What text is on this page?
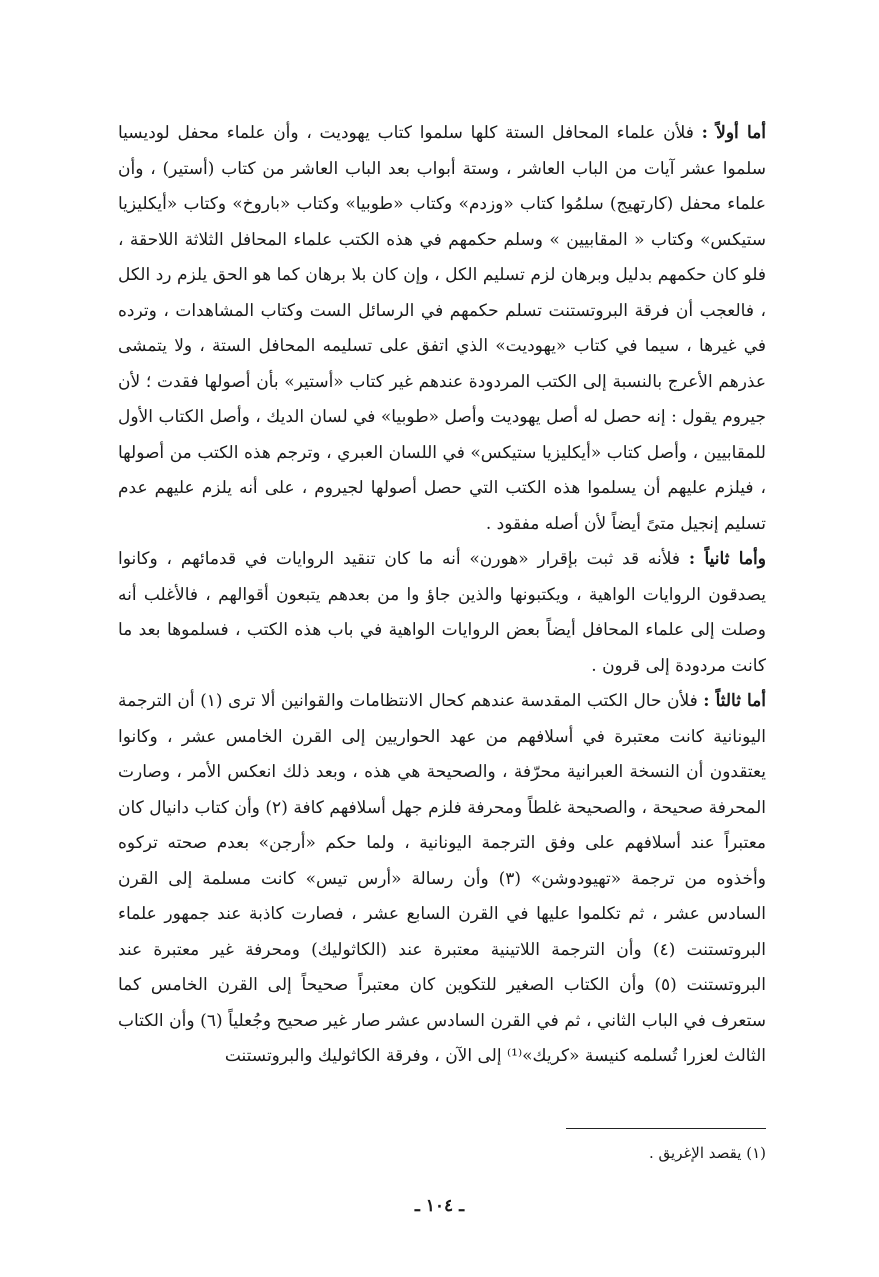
أما أولاً : فلأن علماء المحافل الستة كلها سلموا كتاب يهوديت ، وأن علماء محفل لوديسيا سلموا عشر آيات من الباب العاشر ، وستة أبواب بعد الباب العاشر من كتاب (أستير) ، وأن علماء محفل (كارتهيج) سلمُوا كتاب «وزدم» وكتاب «طوبيا» وكتاب «باروخ» وكتاب «أيكليزيا ستيكس» وكتاب « المقابيين » وسلم حكمهم في هذه الكتب علماء المحافل الثلاثة اللاحقة ، فلو كان حكمهم بدليل وبرهان لزم تسليم الكل ، وإن كان بلا برهان كما هو الحق يلزم رد الكل ، فالعجب أن فرقة البروتستنت تسلم حكمهم في الرسائل الست وكتاب المشاهدات ، وترده في غيرها ، سيما في كتاب «يهوديت» الذي اتفق على تسليمه المحافل الستة ، ولا يتمشى عذرهم الأعرج بالنسبة إلى الكتب المردودة عندهم غير كتاب «أستير» بأن أصولها فقدت ؛ لأن جيروم يقول : إنه حصل له أصل يهوديت وأصل «طوبيا» في لسان الديك ، وأصل الكتاب الأول للمقابيين ، وأصل كتاب «أيكليزيا ستيكس» في اللسان العبري ، وترجم هذه الكتب من أصولها ، فيلزم عليهم أن يسلموا هذه الكتب التي حصل أصولها لجيروم ، على أنه يلزم عليهم عدم تسليم إنجيل متىً أيضاً لأن أصله مفقود .

وأما ثانياً : فلأنه قد ثبت بإقرار «هورن» أنه ما كان تنقيد الروايات في قدمائهم ، وكانوا يصدقون الروايات الواهية ، ويكتبونها والذين جاؤ وا من بعدهم يتبعون أقوالهم ، فالأغلب أنه وصلت إلى علماء المحافل أيضاً بعض الروايات الواهية في باب هذه الكتب ، فسلموها بعد ما كانت مردودة إلى قرون .

أما ثالثاً : فلأن حال الكتب المقدسة عندهم كحال الانتظامات والقوانين ألا ترى (١) أن الترجمة اليونانية كانت معتبرة في أسلافهم من عهد الحواريين إلى القرن الخامس عشر ، وكانوا يعتقدون أن النسخة العبرانية محرّفة ، والصحيحة هي هذه ، وبعد ذلك انعكس الأمر ، وصارت المحرفة صحيحة ، والصحيحة غلطاً ومحرفة فلزم جهل أسلافهم كافة (٢) وأن كتاب دانيال كان معتبراً عند أسلافهم على وفق الترجمة اليونانية ، ولما حكم «أرجن» بعدم صحته تركوه وأخذوه من ترجمة «تهيودوشن» (٣) وأن رسالة «أرس تيس» كانت مسلمة إلى القرن السادس عشر ، ثم تكلموا عليها في القرن السابع عشر ، فصارت كاذبة عند جمهور علماء البروتستنت (٤) وأن الترجمة اللاتينية معتبرة عند (الكاثوليك) ومحرفة غير معتبرة عند البروتستنت (٥) وأن الكتاب الصغير للتكوين كان معتبراً صحيحاً إلى القرن الخامس كما ستعرف في الباب الثاني ، ثم في القرن السادس عشر صار غير صحيح وجُعلياً (٦) وأن الكتاب الثالث لعزرا تُسلمه كنيسة «كريك»⁽¹⁾ إلى الآن ، وفرقة الكاثوليك والبروتستنت

(١) يقصد الإغريق .
ـ ١٠٤ ـ
